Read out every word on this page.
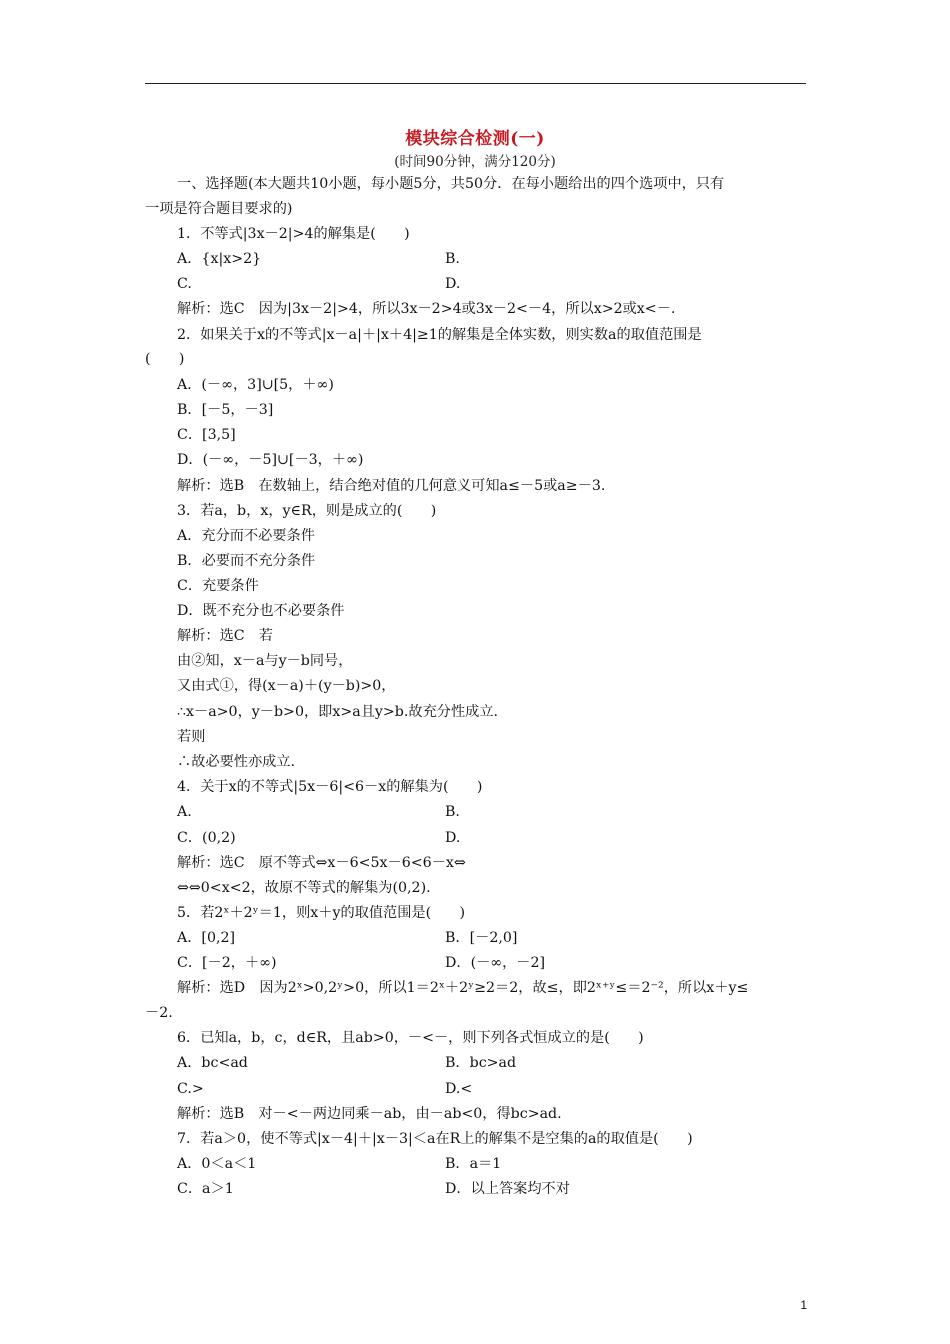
模块综合检测(一)
(时间90分钟，满分120分)
一、选择题(本大题共10小题，每小题5分，共50分．在每小题给出的四个选项中，只有
一项是符合题目要求的)
1．不等式|3x－2|>4的解集是(　　)
A．{x|x>2}	B.
C.	D.
解析：选C　因为|3x－2|>4，所以3x－2>4或3x－2<－4，所以x>2或x<－.
2．如果关于x的不等式|x－a|＋|x＋4|≥1的解集是全体实数，则实数a的取值范围是
(　　)
A．(－∞，3]∪[5，＋∞)
B．[－5，－3]
C．[3,5]
D．(－∞，－5]∪[－3，＋∞)
解析：选B　在数轴上，结合绝对值的几何意义可知a≤－5或a≥－3.
3．若a，b，x，y∈R，则是成立的(　　)
A．充分而不必要条件
B．必要而不充分条件
C．充要条件
D．既不充分也不必要条件
解析：选C　若
由②知，x－a与y－b同号，
又由式①，得(x－a)＋(y－b)>0，
∴x－a>0，y－b>0，即x>a且y>b.故充分性成立.
若则
∴故必要性亦成立.
4．关于x的不等式|5x－6|<6－x的解集为(　　)
A.	B.
C．(0,2)	D.
解析：选C　原不等式⇔x－6<5x－6<6－x⇔
⇔⇔0<x<2，故原不等式的解集为(0,2).
5．若2ˣ＋2ʸ＝1，则x＋y的取值范围是(　　)
A．[0,2]	B．[－2,0]
C．[－2，＋∞)	D．(－∞，－2]
解析：选D　因为2ˣ>0,2ʸ>0，所以1＝2ˣ＋2ʸ≥2＝2，故≤，即2ˣ⁺ʸ≤＝2⁻²，所以x＋y≤
－2.
6．已知a，b，c，d∈R，且ab>0，－<－，则下列各式恒成立的是(　　)
A．bc<ad	B．bc>ad
C.>	D.<
解析：选B　对－<－两边同乘－ab，由－ab<0，得bc>ad.
7．若a＞0，使不等式|x－4|＋|x－3|＜a在R上的解集不是空集的a的取值是(　　)
A．0＜a＜1	B．a＝1
C．a＞1	D．以上答案均不对
1
